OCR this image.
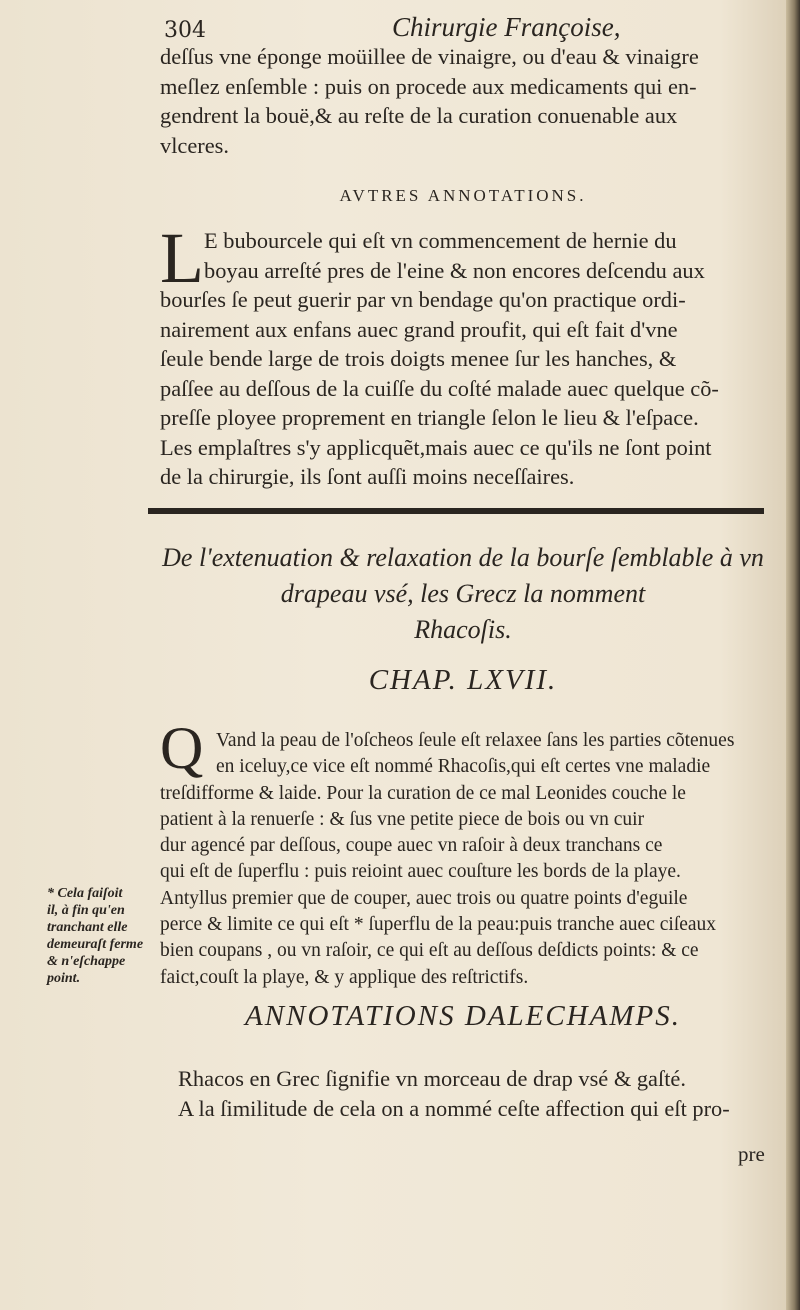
304	Chirurgie Françoise,

deſſus vne éponge moüillee de vinaigre, ou d'eau & vinaigre
meſlez enſemble : puis on procede aux medicaments qui en-
gendrent la bouë,& au reſte de la curation conuenable aux
vlceres.

AVTRES ANNOTATIONS.
L E bubourcele qui eſt vn commencement de hernie du
boyau arreſté pres de l'eine & non encores deſcendu aux
bourſes ſe peut guerir par vn bendage qu'on practique ordi-
nairement aux enfans auec grand proufit, qui eſt fait d'vne
ſeule bende large de trois doigts menee ſur les hanches, &
paſſee au deſſous de la cuiſſe du coſté malade auec quelque cõ-
preſſe ployee proprement en triangle ſelon le lieu & l'eſpace.
Les emplaſtres s'y applicquẽt,mais auec ce qu'ils ne ſont point
de la chirurgie, ils ſont auſſi moins neceſſaires.

De l'extenuation & relaxation de la bourſe ſemblable à vn
drapeau vsé, les Grecz la nomment
Rhacoſis.
CHAP. LXVII.
Q Vand la peau de l'oſcheos ſeule eſt relaxee ſans les parties cõtenues
en iceluy,ce vice eſt nommé Rhacoſis,qui eſt certes vne maladie
treſdifforme & laide. Pour la curation de ce mal Leonides couche le
patient à la renuerſe : & ſus vne petite piece de bois ou vn cuir
dur agencé par deſſous, coupe auec vn raſoir à deux tranchans ce
qui eſt de ſuperflu : puis reioint auec couſture les bords de la playe.
Antyllus premier que de couper, auec trois ou quatre points d'eguile
perce & limite ce qui eſt * ſuperflu de la peau:puis tranche auec ciſeaux
bien coupans , ou vn raſoir, ce qui eſt au deſſous deſdicts points: & ce
faict,couſt la playe, & y applique des reſtrictifs.
* Cela faiſoit
il, à fin qu'en
tranchant elle
demeuraſt ferme
& n'eſchappe
point.
ANNOTATIONS DALECHAMPS.
Rhacos en Grec ſignifie vn morceau de drap vsé & gaſté.
A la ſimilitude de cela on a nommé ceſte affection qui eſt pro-
pre
